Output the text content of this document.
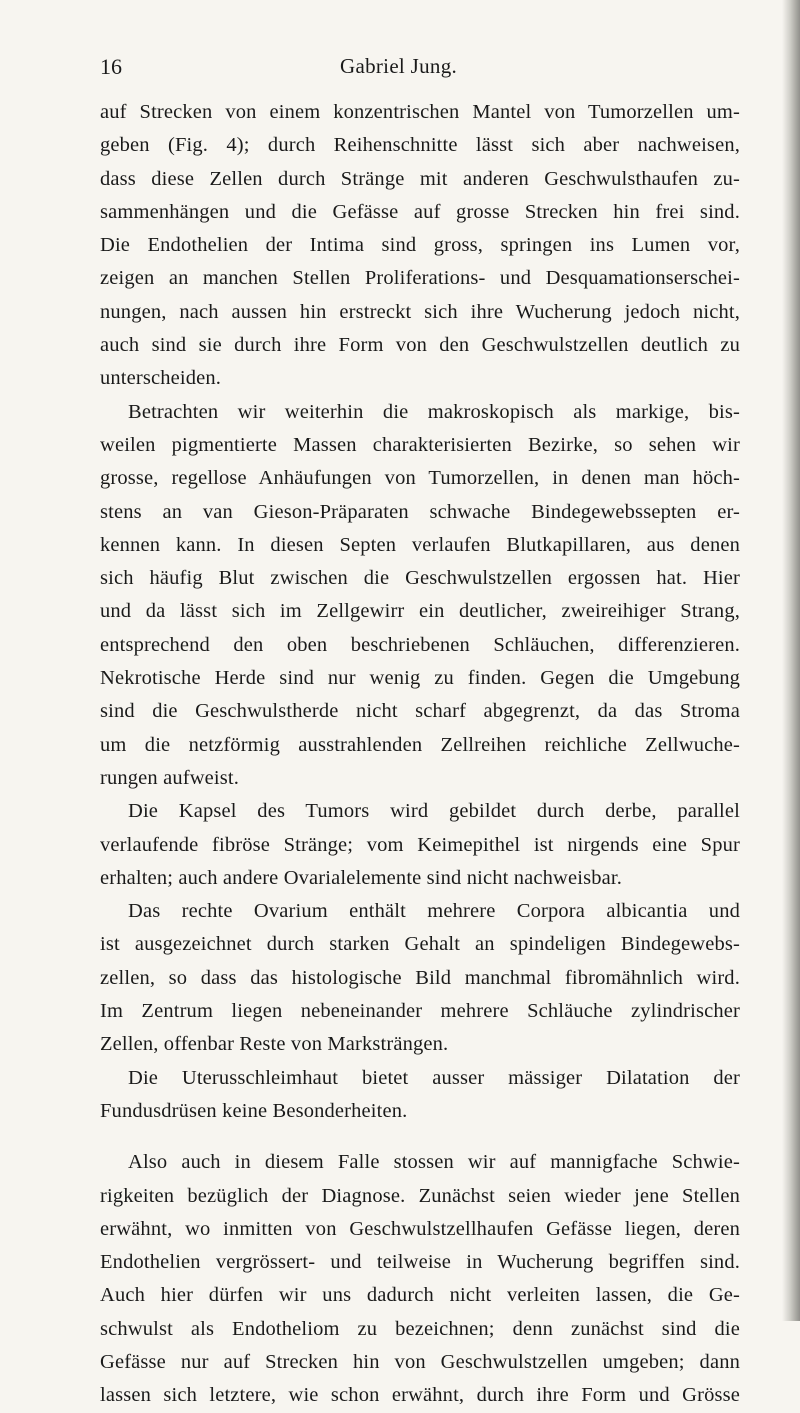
16	Gabriel Jung.
auf Strecken von einem konzentrischen Mantel von Tumorzellen um-
geben (Fig. 4); durch Reihenschnitte lässt sich aber nachweisen,
dass diese Zellen durch Stränge mit anderen Geschwulsthaufen zu-
sammenhängen und die Gefässe auf grosse Strecken hin frei sind.
Die Endothelien der Intima sind gross, springen ins Lumen vor,
zeigen an manchen Stellen Proliferations- und Desquamationserschei-
nungen, nach aussen hin erstreckt sich ihre Wucherung jedoch nicht,
auch sind sie durch ihre Form von den Geschwulstzellen deutlich zu
unterscheiden.
Betrachten wir weiterhin die makroskopisch als markige, bis-
weilen pigmentierte Massen charakterisierten Bezirke, so sehen wir
grosse, regellose Anhäufungen von Tumorzellen, in denen man höch-
stens an van Gieson-Präparaten schwache Bindegewebssepten er-
kennen kann. In diesen Septen verlaufen Blutkapillaren, aus denen
sich häufig Blut zwischen die Geschwulstzellen ergossen hat. Hier
und da lässt sich im Zellgewirr ein deutlicher, zweireihiger Strang,
entsprechend den oben beschriebenen Schläuchen, differenzieren.
Nekrotische Herde sind nur wenig zu finden. Gegen die Umgebung
sind die Geschwulstherde nicht scharf abgegrenzt, da das Stroma
um die netzförmig ausstrahlenden Zellreihen reichliche Zellwuche-
rungen aufweist.
Die Kapsel des Tumors wird gebildet durch derbe, parallel
verlaufende fibröse Stränge; vom Keimepithel ist nirgends eine Spur
erhalten; auch andere Ovarialelemente sind nicht nachweisbar.
Das rechte Ovarium enthält mehrere Corpora albicantia und
ist ausgezeichnet durch starken Gehalt an spindeligen Bindegewebs-
zellen, so dass das histologische Bild manchmal fibromähnlich wird.
Im Zentrum liegen nebeneinander mehrere Schläuche zylindrischer
Zellen, offenbar Reste von Marksträngen.
Die Uterusschleimhaut bietet ausser mässiger Dilatation der
Fundusdrüsen keine Besonderheiten.
Also auch in diesem Falle stossen wir auf mannigfache Schwie-
rigkeiten bezüglich der Diagnose. Zunächst seien wieder jene Stellen
erwähnt, wo inmitten von Geschwulstzellhaufen Gefässe liegen, deren
Endothelien vergrössert- und teilweise in Wucherung begriffen sind.
Auch hier dürfen wir uns dadurch nicht verleiten lassen, die Ge-
schwulst als Endotheliom zu bezeichnen; denn zunächst sind die
Gefässe nur auf Strecken hin von Geschwulstzellen umgeben; dann
lassen sich letztere, wie schon erwähnt, durch ihre Form und Grösse
